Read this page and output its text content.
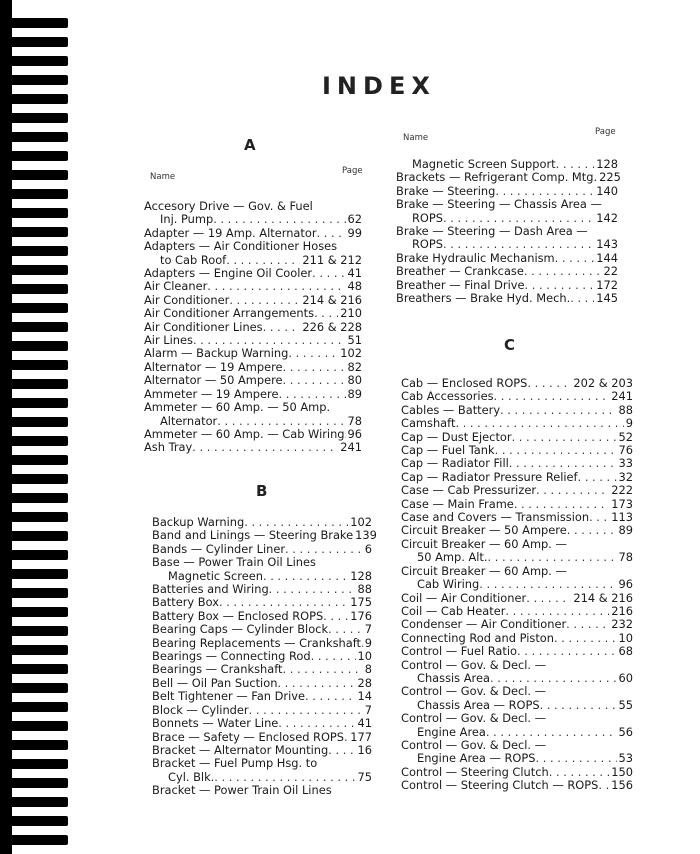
INDEX
A
Name
Page
Accesory Drive — Gov. & Fuel
Inj. Pump . . .	62
Adapter — 19 Amp. Alternator . . .	99
Adapters — Air Conditioner Hoses
to Cab Roof . . .	211 & 212
Adapters — Engine Oil Cooler . . .	41
Air Cleaner . . .	48
Air Conditioner . . .	214 & 216
Air Conditioner Arrangements . . . 210
Air Conditioner Lines . . .	226 & 228
Air Lines . . .	51
Alarm — Backup Warning . . .	102
Alternator — 19 Ampere . . .	82
Alternator — 50 Ampere . . .	80
Ammeter — 19 Ampere . . .	89
Ammeter — 60 Amp. — 50 Amp.
Alternator . . .	78
Ammeter — 60 Amp. — Cab Wiring . . . 96
Ash Tray . . .	241
B
Backup Warning . . .	102
Band and Linings — Steering Brake 139
Bands — Cylinder Liner . . .	6
Base — Power Train Oil Lines
Magnetic Screen . . .	128
Batteries and Wiring . . .	88
Battery Box . . .	175
Battery Box — Enclosed ROPS . . . 176
Bearing Caps — Cylinder Block . . .	7
Bearing Replacements — Crankshaft . . . 9
Bearings — Connecting Rod . . .	10
Bearings — Crankshaft . . .	8
Bell — Oil Pan Suction . . .	28
Belt Tightener — Fan Drive . . .	14
Block — Cylinder . . .	7
Bonnets — Water Line . . .	41
Brace — Safety — Enclosed ROPS . . . 177
Bracket — Alternator Mounting . . .	16
Bracket — Fuel Pump Hsg. to
Cyl. Blk. . . .	75
Bracket — Power Train Oil Lines
Name
Page
Magnetic Screen Support . . .	128
Brackets — Refrigerant Comp. Mtg. 225
Brake — Steering . . .	140
Brake — Steering — Chassis Area —
ROPS . . .	142
Brake — Steering — Dash Area —
ROPS . . .	143
Brake Hydraulic Mechanism . . .	144
Breather — Crankcase . . .	22
Breather — Final Drive . . .	172
Breathers — Brake Hyd. Mech. . . . 145
C
Cab — Enclosed ROPS . . .	202 & 203
Cab Accessories . . .	241
Cables — Battery . . .	88
Camshaft . . .	9
Cap — Dust Ejector . . .	52
Cap — Fuel Tank . . .	76
Cap — Radiator Fill . . .	33
Cap — Radiator Pressure Relief . . .	32
Case — Cab Pressurizer . . .	222
Case — Main Frame . . .	173
Case and Covers — Transmission . . . 113
Circuit Breaker — 50 Ampere . . .	89
Circuit Breaker — 60 Amp. —
50 Amp. Alt. . . .	78
Circuit Breaker — 60 Amp. —
Cab Wiring . . .	96
Coil — Air Conditioner . . .	214 & 216
Coil — Cab Heater . . .	216
Condenser — Air Conditioner . . .	232
Connecting Rod and Piston . . .	10
Control — Fuel Ratio . . .	68
Control — Gov. & Decl. —
Chassis Area . . .	60
Control — Gov. & Decl. —
Chassis Area — ROPS . . .	55
Control — Gov. & Decl. —
Engine Area . . .	56
Control — Gov. & Decl. —
Engine Area — ROPS . . .	53
Control — Steering Clutch . . .	150
Control — Steering Clutch — ROPS . . . 156
